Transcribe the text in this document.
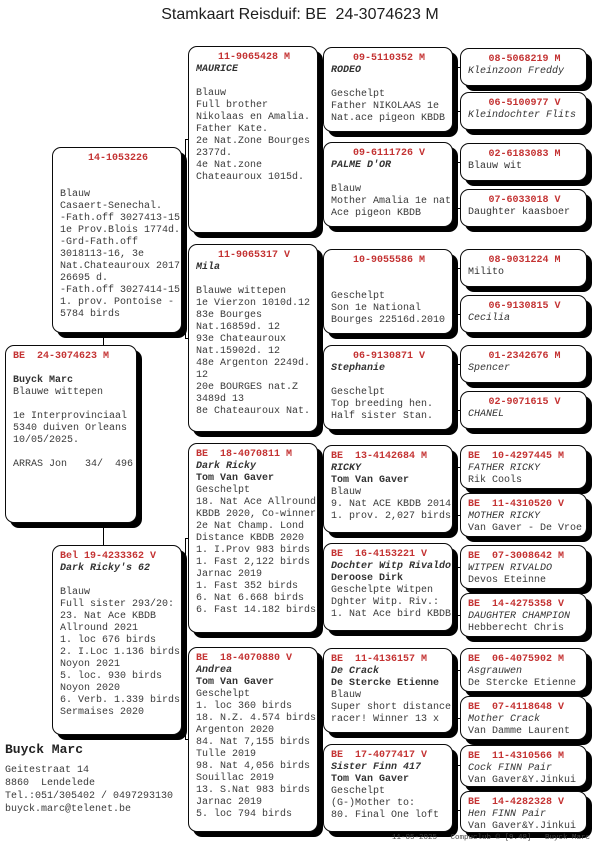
Stamkaart Reisduif: BE  24-3074623 M
BE  24-3074623 M
Buyck Marc
Blauwe wittepen

1e Interprovinciaal
5340 duiven Orleans
10/05/2025.

ARRAS Jon   34/  496
14-1053226

Blauw
Casaert-Senechal.
-Fath.off 3027413-15
1e Prov.Blois 1774d.
-Grd-Fath.off
3018113-16, 3e
Nat.Chateauroux 2017
26695 d.
-Fath.off 3027414-15
1. prov. Pontoise -
5784 birds
Bel 19-4233362 V
Dark Ricky's 62

Blauw
Full sister 293/20:
23. Nat Ace KBDB
Allround 2021
1. loc 676 birds
2. I.Loc 1.136 birds
Noyon 2021
5. loc. 930 birds
Noyon 2020
6. Verb. 1.339 birds
Sermaises 2020
11-9065428 M
MAURICE

Blauw
Full brother
Nikolaas en Amalia.
Father Kate.
2e Nat.Zone Bourges
2377d.
4e Nat.zone
Chateauroux 1015d.
11-9065317 V
Mila

Blauwe wittepen
1e Vierzon 1010d.12
83e Bourges
Nat.16859d. 12
93e Chateauroux
Nat.15902d. 12
48e Argenton 2249d.
12
20e BOURGES nat.Z
3489d 13
8e Chateauroux Nat.
BE  18-4070811 M
Dark Ricky
Tom Van Gaver
Geschelpt
18. Nat Ace Allround
KBDB 2020, Co-winner
2e Nat Champ. Lond
Distance KBDB 2020
1. I.Prov 983 birds
1. Fast 2,122 birds
Jarnac 2019
1. Fast 352 birds
6. Nat 6.668 birds
6. Fast 14.182 birds
BE  18-4070880 V
Andrea
Tom Van Gaver
Geschelpt
1. loc 360 birds
18. N.Z. 4.574 birds
Argenton 2020
84. Nat 7,155 birds
Tulle 2019
98. Nat 4,056 birds
Souillac 2019
13. S.Nat 983 birds
Jarnac 2019
5. loc 794 birds
09-5110352 M
RODEO

Geschelpt
Father NIKOLAAS 1e
Nat.ace pigeon KBDB
09-6111726 V
PALME D'OR

Blauw
Mother Amalia 1e nat
Ace pigeon KBDB
10-9055586 M

Geschelpt
Son 1e National
Bourges 22516d.2010
06-9130871 V
Stephanie

Geschelpt
Top breeding hen.
Half sister Stan.
BE  13-4142684 M
RICKY
Tom Van Gaver
Blauw
9. Nat ACE KBDB 2014
1. prov. 2,027 birds
BE  16-4153221 V
Dochter Witp Rivaldo
Deroose Dirk
Geschelpte Witpen
Dghter Witp. Riv.:
1. Nat Ace bird KBDB
BE  11-4136157 M
De Crack
De Stercke Etienne
Blauw
Super short distance
racer! Winner 13 x
BE  17-4077417 V
Sister Finn 417
Tom Van Gaver
Geschelpt
(G-)Mother to:
80. Final One loft
08-5068219 M
Kleinzoon Freddy
06-5100977 V
Kleindochter Flits
02-6183083 M
Blauw wit
07-6033018 V
Daughter kaasboer
08-9031224 M
Milito
06-9130815 V
Cecilia
01-2342676 M
Spencer
02-9071615 V
CHANEL
BE  10-4297445 M
FATHER RICKY
Rik Cools
BE  11-4310520 V
MOTHER RICKY
Van Gaver - De Vroe
BE  07-3008642 M
WITPEN RIVALDO
Devos Eteinne
BE  14-4275358 V
DAUGHTER CHAMPION
Hebberecht Chris
BE  06-4075902 M
Asgrauwen
De Stercke Etienne
BE  07-4118648 V
Mother Crack
Van Damme Laurent
BE  11-4310566 M
Cock FINN Pair
Van Gaver&Y.Jinkui
BE  14-4282328 V
Hen FINN Pair
Van Gaver&Y.Jinkui
Buyck Marc
Geitestraat 14
8860  Lendelede
Tel.:051/305402 / 0497293130
buyck.marc@telenet.be
11-05-2025   Compuclub © [9.48]   Buyck Marc
